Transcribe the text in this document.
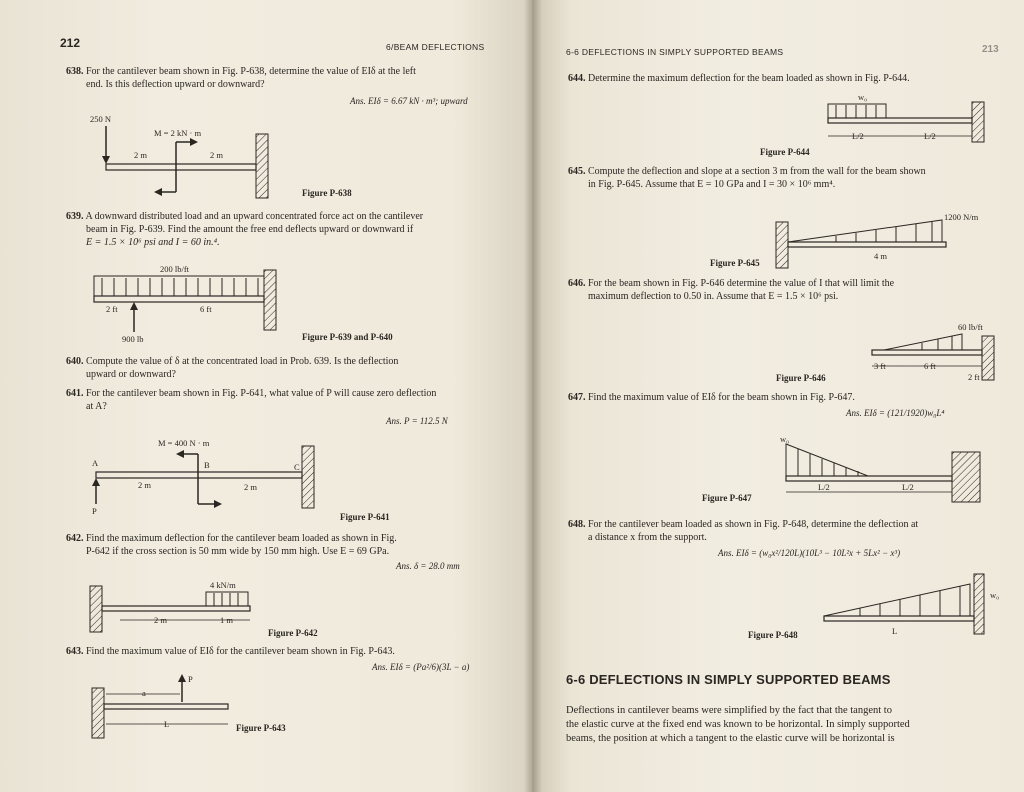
212	6/BEAM DEFLECTIONS
638. For the cantilever beam shown in Fig. P-638, determine the value of EIδ at the left
end. Is this deflection upward or downward?
Ans. EIδ = 6.67 kN · m³; upward
250 N
M = 2 kN · m
2 m	2 m
Figure P-638
639. A downward distributed load and an upward concentrated force act on the cantilever
beam in Fig. P-639. Find the amount the free end deflects upward or downward if
E = 1.5 × 10⁶ psi and I = 60 in.⁴.
200 lb/ft
2 ft	6 ft
900 lb	Figure P-639 and P-640
640. Compute the value of δ at the concentrated load in Prob. 639. Is the deflection
upward or downward?
641. For the cantilever beam shown in Fig. P-641, what value of P will cause zero deflection
at A?
Ans. P = 112.5 N
M = 400 N · m
A	B	C
2 m	2 m
P
Figure P-641
642. Find the maximum deflection for the cantilever beam loaded as shown in Fig.
P-642 if the cross section is 50 mm wide by 150 mm high. Use E = 69 GPa.
Ans. δ = 28.0 mm
4 kN/m
2 m	1 m
Figure P-642
643. Find the maximum value of EIδ for the cantilever beam shown in Fig. P-643.
Ans. EIδ = (Pa²/6)(3L − a)
P
a
L	Figure P-643
6-6 DEFLECTIONS IN SIMPLY SUPPORTED BEAMS	213
644. Determine the maximum deflection for the beam loaded as shown in Fig. P-644.
w₀
L/2	L/2
Figure P-644
645. Compute the deflection and slope at a section 3 m from the wall for the beam shown
in Fig. P-645. Assume that E = 10 GPa and I = 30 × 10⁶ mm⁴.
1200 N/m
4 m
Figure P-645
646. For the beam shown in Fig. P-646 determine the value of I that will limit the
maximum deflection to 0.50 in. Assume that E = 1.5 × 10⁶ psi.
60 lb/ft
3 ft	6 ft
2 ft
Figure P-646
647. Find the maximum value of EIδ for the beam shown in Fig. P-647.
Ans. EIδ = (121/1920)w₀L⁴
w₀
L/2	L/2
Figure P-647
648. For the cantilever beam loaded as shown in Fig. P-648, determine the deflection at
a distance x from the support.
Ans. EIδ = (w₀x²/120L)(10L³ − 10L²x + 5Lx² − x³)
w₀
L
Figure P-648
6-6 DEFLECTIONS IN SIMPLY SUPPORTED BEAMS
Deflections in cantilever beams were simplified by the fact that the tangent to
the elastic curve at the fixed end was known to be horizontal. In simply supported
beams, the position at which a tangent to the elastic curve will be horizontal is
